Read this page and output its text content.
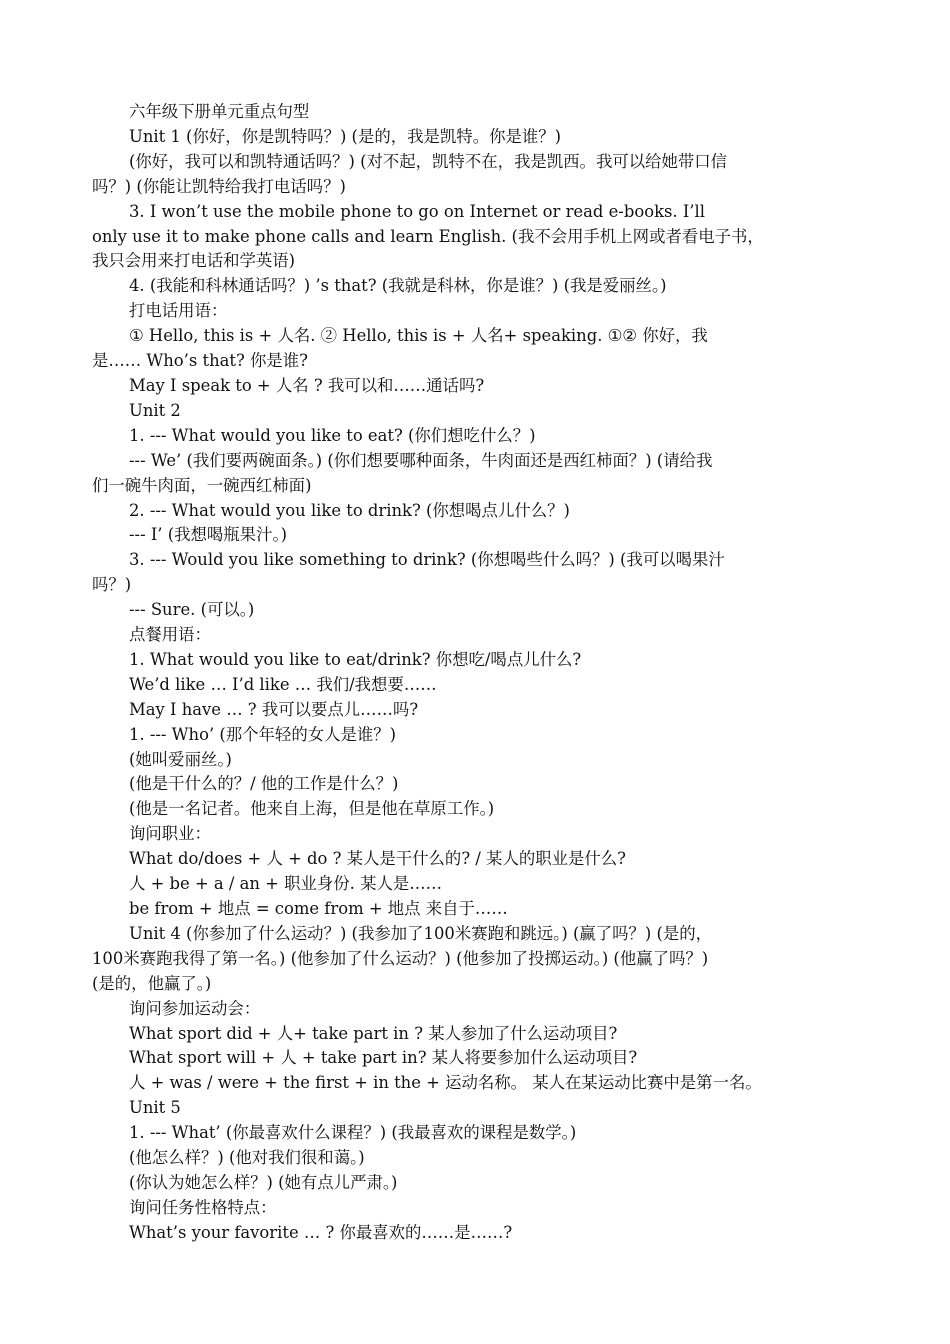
六年级下册单元重点句型
Unit 1 (你好，你是凯特吗？) (是的，我是凯特。你是谁？)
(你好，我可以和凯特通话吗？) (对不起，凯特不在，我是凯西。我可以给她带口信
吗？) (你能让凯特给我打电话吗？)
3. I won’t use the mobile phone to go on Internet or read e-books. I’ll
only use it to make phone calls and learn English. (我不会用手机上网或者看电子书，
我只会用来打电话和学英语)
4. (我能和科林通话吗？) ’s that? (我就是科林，你是谁？) (我是爱丽丝。)
打电话用语：
① Hello, this is + 人名. ② Hello, this is + 人名+ speaking. ①② 你好，我
是…… Who’s that? 你是谁?
May I speak to + 人名 ? 我可以和……通话吗?
Unit 2
1. --- What would you like to eat? (你们想吃什么？)
--- We’ (我们要两碗面条。) (你们想要哪种面条，牛肉面还是西红柿面？) (请给我
们一碗牛肉面，一碗西红柿面)
2. --- What would you like to drink? (你想喝点儿什么？)
--- I’ (我想喝瓶果汁。)
3. --- Would you like something to drink? (你想喝些什么吗？) (我可以喝果汁
吗？)
--- Sure. (可以。)
点餐用语：
1. What would you like to eat/drink? 你想吃/喝点儿什么?
We’d like … I’d like … 我们/我想要……
May I have … ? 我可以要点儿……吗?
1. --- Who’ (那个年轻的女人是谁？)
(她叫爱丽丝。)
(他是干什么的？/ 他的工作是什么？)
(他是一名记者。他来自上海，但是他在草原工作。)
询问职业：
What do/does + 人 + do ? 某人是干什么的? / 某人的职业是什么?
人 + be + a / an + 职业身份. 某人是……
be from + 地点 = come from + 地点 来自于……
Unit 4 (你参加了什么运动？) (我参加了100米赛跑和跳远。) (赢了吗？) (是的，
100米赛跑我得了第一名。) (他参加了什么运动？) (他参加了投掷运动。) (他赢了吗？)
(是的，他赢了。)
询问参加运动会：
What sport did + 人+ take part in ? 某人参加了什么运动项目?
What sport will + 人 + take part in? 某人将要参加什么运动项目?
人 + was / were + the first + in the + 运动名称。 某人在某运动比赛中是第一名。
Unit 5
1. --- What’ (你最喜欢什么课程？) (我最喜欢的课程是数学。)
(他怎么样？) (他对我们很和蔼。)
(你认为她怎么样？) (她有点儿严肃。)
询问任务性格特点：
What’s your favorite … ? 你最喜欢的……是……?
